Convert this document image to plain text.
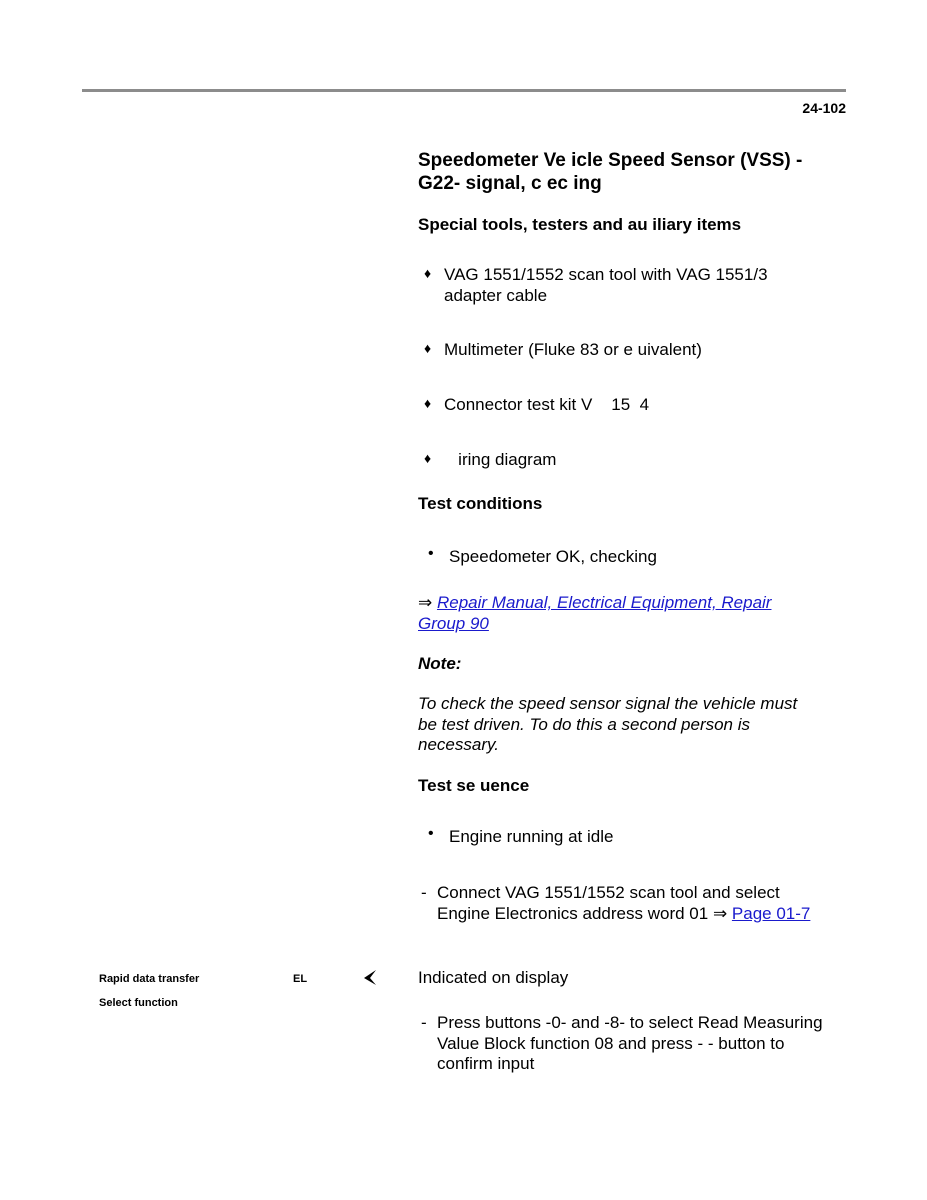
24-102
Speedometer Ve icle Speed Sensor (VSS) -G22- signal, c ec ing
Special tools, testers and au iliary items
♦ VAG 1551/1552 scan tool with VAG 1551/3 adapter cable
♦ Multimeter (Fluke 83 or e uivalent)
♦ Connector test kit V    15  4
♦ iring diagram
Test conditions
• Speedometer OK, checking
⇒ Repair Manual, Electrical Equipment, Repair Group 90
Note:
To check the speed sensor signal the vehicle must be test driven. To do this a second person is necessary.
Test se uence
• Engine running at idle
- Connect VAG 1551/1552 scan tool and select Engine Electronics address word 01 ⇒ Page 01-7
Rapid data transfer	EL
Select function
Indicated on display
- Press buttons -0- and -8- to select Read Measuring Value Block function 08 and press - - button to confirm input
